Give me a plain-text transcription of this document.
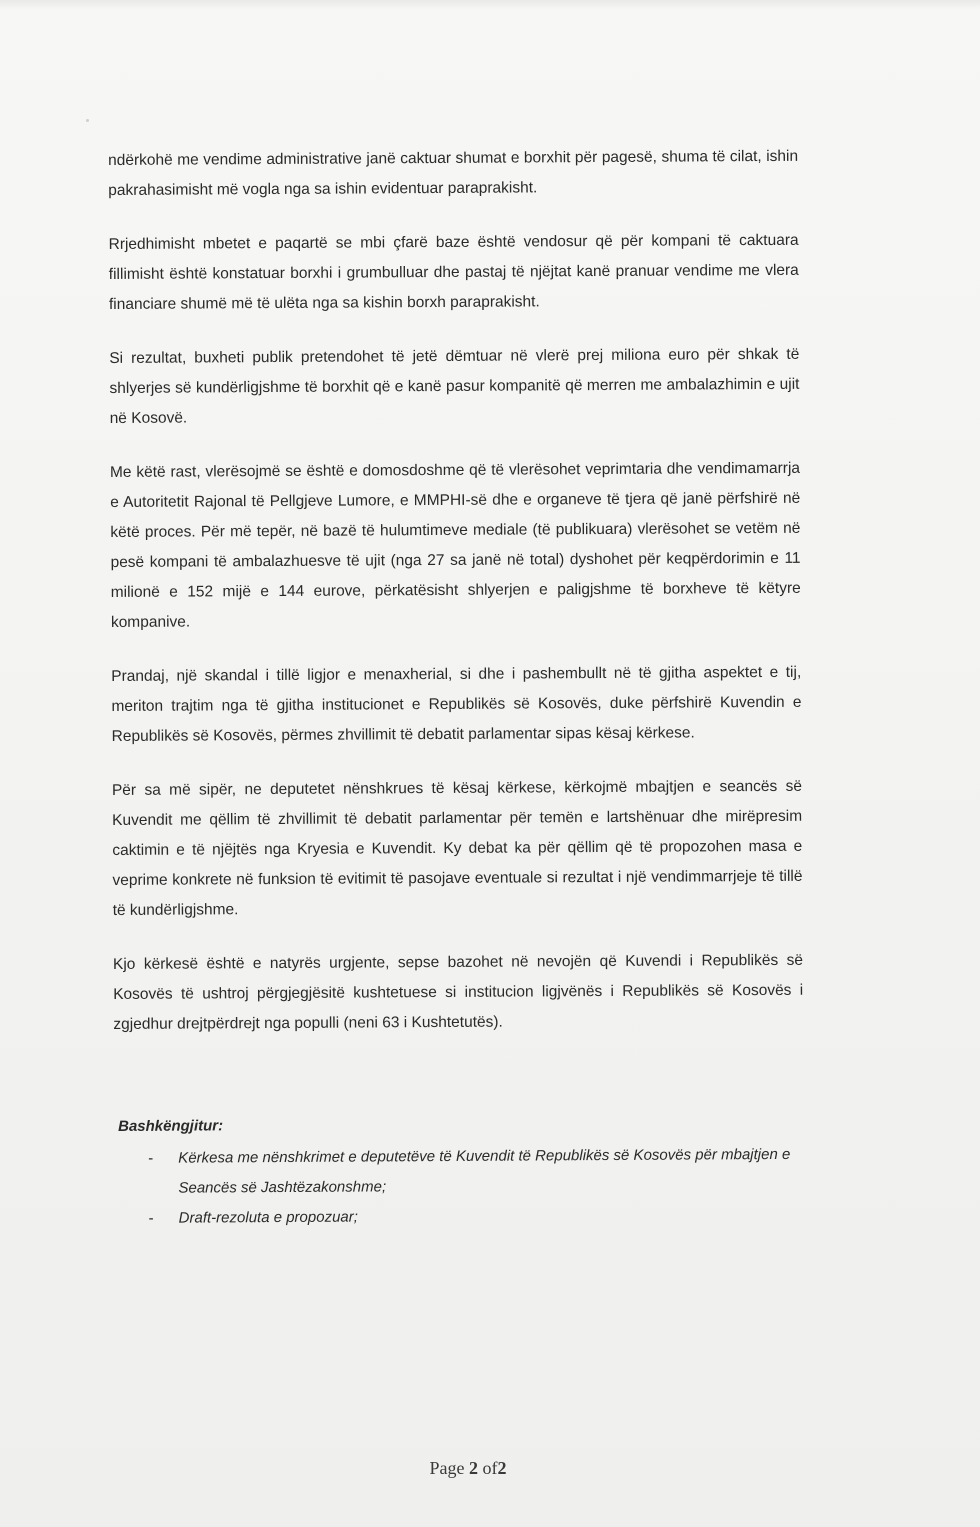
ndërkohë me vendime administrative janë caktuar shumat e borxhit për pagesë, shuma të cilat, ishin pakrahasimisht më vogla nga sa ishin evidentuar paraprakisht.

Rrjedhimisht mbetet e paqartë se mbi çfarë baze është vendosur që për kompani të caktuara fillimisht është konstatuar borxhi i grumbulluar dhe pastaj të njëjtat kanë pranuar vendime me vlera financiare shumë më të ulëta nga sa kishin borxh paraprakisht.

Si rezultat, buxheti publik pretendohet të jetë dëmtuar në vlerë prej miliona euro për shkak të shlyerjes së kundërligjshme të borxhit që e kanë pasur kompanitë që merren me ambalazhimin e ujit në Kosovë.

Me këtë rast, vlerësojmë se është e domosdoshme që të vlerësohet veprimtaria dhe vendimamarrja e Autoritetit Rajonal të Pellgjeve Lumore, e MMPHI-së dhe e organeve të tjera që janë përfshirë në këtë proces. Për më tepër, në bazë të hulumtimeve mediale (të publikuara) vlerësohet se vetëm në pesë kompani të ambalazhuesve të ujit (nga 27 sa janë në total) dyshohet për keqpërdorimin e 11 milionë e 152 mijë e 144 eurove, përkatësisht shlyerjen e paligjshme të borxheve të këtyre kompanive.

Prandaj, një skandal i tillë ligjor e menaxherial, si dhe i pashembullt në të gjitha aspektet e tij, meriton trajtim nga të gjitha institucionet e Republikës së Kosovës, duke përfshirë Kuvendin e Republikës së Kosovës, përmes zhvillimit të debatit parlamentar sipas kësaj kërkese.

Për sa më sipër, ne deputetet nënshkrues të kësaj kërkese, kërkojmë mbajtjen e seancës së Kuvendit me qëllim të zhvillimit të debatit parlamentar për temën e lartshënuar dhe mirëpresim caktimin e të njëjtës nga Kryesia e Kuvendit. Ky debat ka për qëllim që të propozohen masa e veprime konkrete në funksion të evitimit të pasojave eventuale si rezultat i një vendimmarrjeje të tillë të kundërligjshme.

Kjo kërkesë është e natyrës urgjente, sepse bazohet në nevojën që Kuvendi i Republikës së Kosovës të ushtroj përgjegjësitë kushtetuese si institucion ligjvënës i Republikës së Kosovës i zgjedhur drejtpërdrejt nga populli (neni 63 i Kushtetutës).

Bashkëngjitur:

- Kërkesa me nënshkrimet e deputetëve të Kuvendit të Republikës së Kosovës për mbajtjen e Seancës së Jashtëzakonshme;
- Draft-rezoluta e propozuar;
Page 2 of2
